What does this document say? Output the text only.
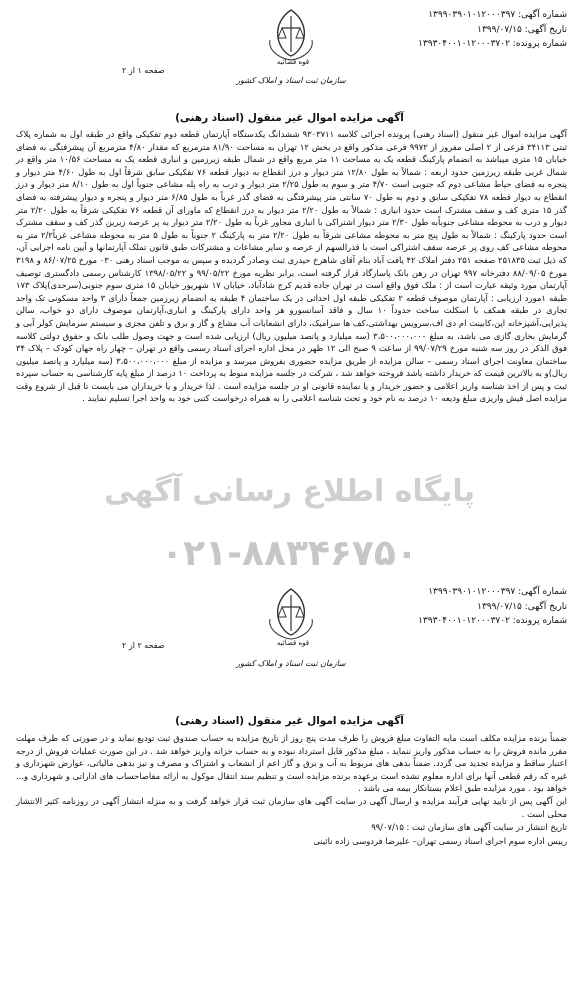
شماره آگهی: ۱۳۹۹۰۳۹۰۱۰۱۲۰۰۰۳۹۷
تاریخ آگهی: ۱۳۹۹/۰۷/۱۵
شماره پرونده: ۱۳۹۳۰۴۰۰۱۰۱۲۰۰۰۳۷۰۲
قوه قضائیه
صفحه ۱ از ۲
سازمان ثبت اسناد و املاک کشور
آگهی مزایده اموال غیر منقول (اسناد رهنی)

آگهی مزایده اموال غیر منقول (اسناد رهنی) پرونده اجرائی کلاسه ۹۳۰۳۷۱۱ ششدانگ یکدستگاه آپارتمان قطعه دوم تفکیکی واقع در طبقه اول به شماره پلاک ثبتی ۳۴۱۱۳ فرعی از ۲ اصلی مفروز از ۹۹۷۲ فرعی مذکور واقع در بخش ۱۲ تهران به مساحت ۸۱/۹۰ مترمربع که مقدار ۴/۸۰ مترمربع آن پیشرفتگی به فضای خیابان ۱۵ متری میباشد به انضمام پارکینگ قطعه یک به مساحت ۱۱ متر مربع واقع در شمال طبقه زیرزمین و انباری قطعه یک به مساحت ۱۰/۵۶ متر واقع در شمال غربی طبقه زیرزمین حدود اربعه : شمالاً به طول ۱۲/۸۰ متر دیوار و درز انقطاع به دیوار قطعه ۷۶ تفکیکی سابق شرقاً اول به طول ۴/۶۰ متر دیوار و پنجره به فضای حیاط مشاعی دوم که جنوبی است ۴/۷۰ متر و سوم به طول ۲/۲۵ متر دیوار و درب به راه پله مشاعی جنوباً اول به طول ۸/۱۰ متر دیوار و درز انقطاع به دیوار قطعه ۷۸ تفکیکی سابق و دوم به طول ۷۰ سانتی متر پیشرفتگی به فضای گذر غرباً به طول ۶/۸۵ متر دیوار و پنجره و دیوار پیشرفته به فضای گذر ۱۵ متری کف و سقف مشترک است حدود انباری : شمالاً به طول ۲/۲۰ متر دیوار به درز انقطاع که ماورای آن قطعه ۷۶ تفکیکی شرقاً به طول ۲/۲۰ متر دیوار و درب به محوطه مشاعی جنوباًبه طول ۲/۳۰ متر دیوار اشتراکی با انباری مجاور غرباً به طول ۲/۲۰ متر دیوار به پر عرصه زیرین گذر کف و سقف مشترک است حدود پارکینگ : شمالاً به طول پنج متر به محوطه مشاعی شرقاً به طول ۲/۲۰ متر به پارکینگ ۲ جنوباً به طول ۵ متر به محوطه مشاعی غرباً۲/۲ متر به محوطه مشاعی کف روی پر عرصه سقف اشتراکی است با قدرالسهم از عرصه و سایر مشاعات و مشترکات طبق قانون تملک آپارتمانها و آیین نامه اجرایی آن، که ذیل ثبت ۲۵۱۸۳۵ صفحه ۲۵۱ دفتر املاک ۴۲ یافت آباد بنام آقای شاهرخ حیدری ثبت وصادر گردیده و سپس به موجب اسناد رهنی ۰۳۰ مورخ ۸۶/۰۷/۲۵ و ۳۱۹۸ مورخ ۸۸/۰۹/۰۵ دفترخانه ۹۹۷ تهران در رهن بانک پاسارگاد قرار گرفته است، برابر نظریه مورخ ۹۹/۰۵/۲۲ و ۱۳۹۸/۰۵/۲۲ کارشناس رسمی دادگستری توصیف آپارتمان مورد وثیقه عبارت است از : ملک فوق واقع است در تهران جاده قدیم کرج شادآباد، خیابان ۱۷ شهریور خیابان ۱۵ متری سوم جنوبی(سرحدی)پلاک ۱۷۳ طبقه ۱مورد ارزیابی : آپارتمان موصوف قطعه ۲ تفکیکی طبقه اول احداثی در یک ساختمان ۴ طبقه به انضمام زیرزمین جمعاً دارای ۳ واحد مسکونی تک واحد تجاری در طبقه همکف با اسکلت ساخت حدوداً ۱۰ سال و فاقد آسانسورو هر واحد دارای پارکینگ و انباری،آپارتمان موصوف دارای دو خواب، سالن پذیرایی،آشپزخانه اپن،کابینت ام دی اف،سرویس بهداشتی،کف ها سرامیک، دارای انشعابات آب مشاع و گاز و برق و تلفن مجزی و سیستم سرمایش کولر آبی و گرمایش بخاری گازی می باشد، به مبلغ ۳،۵۰۰،۰۰۰،۰۰۰ (سه میلیارد و پانصد میلیون ریال) ارزیابی شده است و جهت وصول طلب بانک و حقوق دولتی کلاسه فوق الذکر در روز سه شنبه مورخ ۹۹/۰۷/۲۹ از ساعت ۹ صبح الی ۱۲ ظهر در محل اداره اجرای اسناد رسمی واقع در تهران – چهار راه جهان کودک – پلاک ۳۴ ساختمان معاونت اجرای اسناد رسمی – سالن مزایده از طریق مزایده حضوری بفروش میرسد و مزایده از مبلغ ۳،۵۰۰،۰۰۰،۰۰۰ (سه میلیارد و پانصد میلیون ریال)و به بالاترین قیمت که خریدار داشته باشد فروخته خواهد شد ، شرکت در جلسه مزایده منوط به پرداخت ۱۰ درصد از مبلغ پایه کارشناسی به حساب سپرده ثبت و پس از اخذ شناسه واریز اعلامی و حضور خریدار و یا نماینده قانونی او در جلسه مزایده است . لذا خریدار و یا خریداران می بایست تا قبل از شروع وقت مزایده اصل فیش واریزی مبلغ ودیعه ۱۰ درصد به نام خود و تحت شناسه اعلامی را به همراه درخواست کتبی خود به واحد اجرا تسلیم نمایند .

پایگاه اطلاع رسانی آگهی
۰۲۱-۸۸۳۴۶۷۵۰
شماره آگهی: ۱۳۹۹۰۳۹۰۱۰۱۲۰۰۰۳۹۷
تاریخ آگهی: ۱۳۹۹/۰۷/۱۵
شماره پرونده: ۱۳۹۳۰۴۰۰۱۰۱۲۰۰۰۳۷۰۲
قوه قضائیه
صفحه ۲ از ۲
سازمان ثبت اسناد و املاک کشور
آگهی مزایده اموال غیر منقول (اسناد رهنی)

ضمناً برنده مزایده مکلف است مابه التفاوت مبلغ فروش را ظرف مدت پنج روز از تاریخ مزایده به حساب صندوق ثبت تودیع نماید و در صورتی که ظرف مهلت مقرر مانده فروش را به حساب مذکور واریز ننماید ، مبلغ مذکور قابل استرداد نبوده و به حساب خزانه واریز خواهد شد . در این صورت عملیات فروش از درجه اعتبار ساقط و مزایده تجدید می گردد. ضمناً بدهی های مربوط به آب و برق و گاز اعم از انشعاب و اشتراک و مصرف و نیز بدهی مالیاتی، عوارض شهرداری و غیره که رقم قطعی آنها برای اداره معلوم نشده است برعهده برنده مزایده است و تنظیم سند انتقال موکول به ارائه مفاصاحساب های اداراتی و شهرداری و... خواهد بود . مورد مزایده طبق اعلام بستانکار بیمه می باشد .

این آگهی پس از تایید نهایی فرآیند مزایده و ارسال آگهی در سایت آگهی های سازمان ثبت قرار خواهد گرفت و به منزله انتشار آگهی در روزنامه کثیر الانتشار محلی است .

تاریخ انتشار در سایت آگهی های سازمان ثبت : ۹۹/۰۷/۱۵
رییس اداره سوم اجرای اسناد رسمی تهران– علیرضا فردوسی زاده نائینی
